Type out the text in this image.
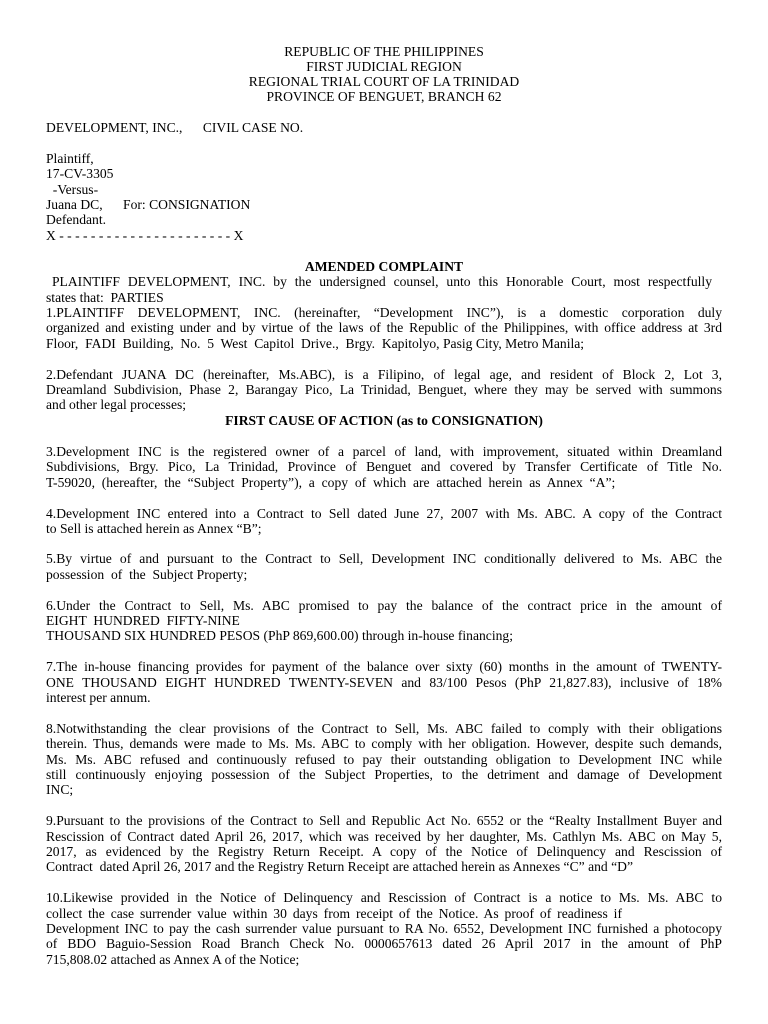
REPUBLIC OF THE PHILIPPINES
FIRST JUDICIAL REGION
REGIONAL TRIAL COURT OF LA TRINIDAD
PROVINCE OF BENGUET, BRANCH 62
DEVELOPMENT, INC.,      CIVIL CASE NO.
Plaintiff,
17-CV-3305
-Versus-
Juana DC,      For: CONSIGNATION
Defendant.
X - - - - - - - - - - - - - - - - - - - - - - X
AMENDED COMPLAINT
PLAINTIFF DEVELOPMENT, INC. by the undersigned counsel, unto this Honorable Court, most respectfully
states that:  PARTIES
1.PLAINTIFF DEVELOPMENT, INC. (hereinafter, “Development INC”), is a domestic corporation duly
organized and existing under and by virtue of the laws of the Republic of the Philippines, with office address at 3rd
Floor,  FADI  Building,  No.  5  West  Capitol  Drive.,  Brgy.  Kapitolyo, Pasig City, Metro Manila;
2.Defendant JUANA DC (hereinafter, Ms.ABC), is a Filipino, of legal age, and resident of Block 2, Lot 3,
Dreamland Subdivision, Phase 2, Barangay Pico, La Trinidad, Benguet, where they may be served with summons
and other legal processes;
FIRST CAUSE OF ACTION (as to CONSIGNATION)
3.Development INC is the registered owner of a parcel of land, with improvement, situated within Dreamland
Subdivisions, Brgy. Pico, La Trinidad, Province of Benguet and covered by Transfer Certificate of Title No.
T-59020,  (hereafter,  the  “Subject  Property”),  a  copy  of  which  are  attached  herein  as  Annex  “A”;
4.Development INC entered into a Contract to Sell dated June 27, 2007 with Ms. ABC. A copy of the Contract
to Sell is attached herein as Annex “B”;
5.By virtue of and pursuant to the Contract to Sell, Development INC conditionally delivered to Ms. ABC the
possession  of  the  Subject Property;
6.Under the Contract to Sell, Ms. ABC promised to pay the balance of the contract price in the amount of
EIGHT  HUNDRED  FIFTY-NINE
THOUSAND SIX HUNDRED PESOS (PhP 869,600.00) through in-house financing;
7.The in-house financing provides for payment of the balance over sixty (60) months in the amount of TWENTY-
ONE THOUSAND EIGHT HUNDRED TWENTY-SEVEN and 83/100 Pesos (PhP 21,827.83), inclusive of 18%
interest per annum.
8.Notwithstanding the clear provisions of the Contract to Sell, Ms. ABC failed to comply with their obligations
therein. Thus, demands were made to Ms. Ms. ABC to comply with her obligation. However, despite such demands,
Ms. Ms. ABC refused and continuously refused to pay their outstanding obligation to Development INC while
still continuously enjoying possession of the Subject Properties, to the detriment and damage of Development
INC;
9.Pursuant to the provisions of the Contract to Sell and Republic Act No. 6552 or the “Realty Installment Buyer and
Rescission of Contract dated April 26, 2017, which was received by her daughter, Ms. Cathlyn Ms. ABC on May 5,
2017, as evidenced by the Registry Return Receipt. A copy of the Notice of Delinquency and Rescission of
Contract  dated April 26, 2017 and the Registry Return Receipt are attached herein as Annexes “C” and “D”
10.Likewise provided in the Notice of Delinquency and Rescission of Contract is a notice to Ms. Ms. ABC to
collect the case surrender value within 30 days from receipt of the Notice. As proof of readiness if
Development INC to pay the cash surrender value pursuant to RA No. 6552, Development INC furnished a photocopy
of BDO Baguio-Session Road Branch Check No. 0000657613 dated 26 April 2017 in the amount of PhP
715,808.02 attached as Annex A of the Notice;
